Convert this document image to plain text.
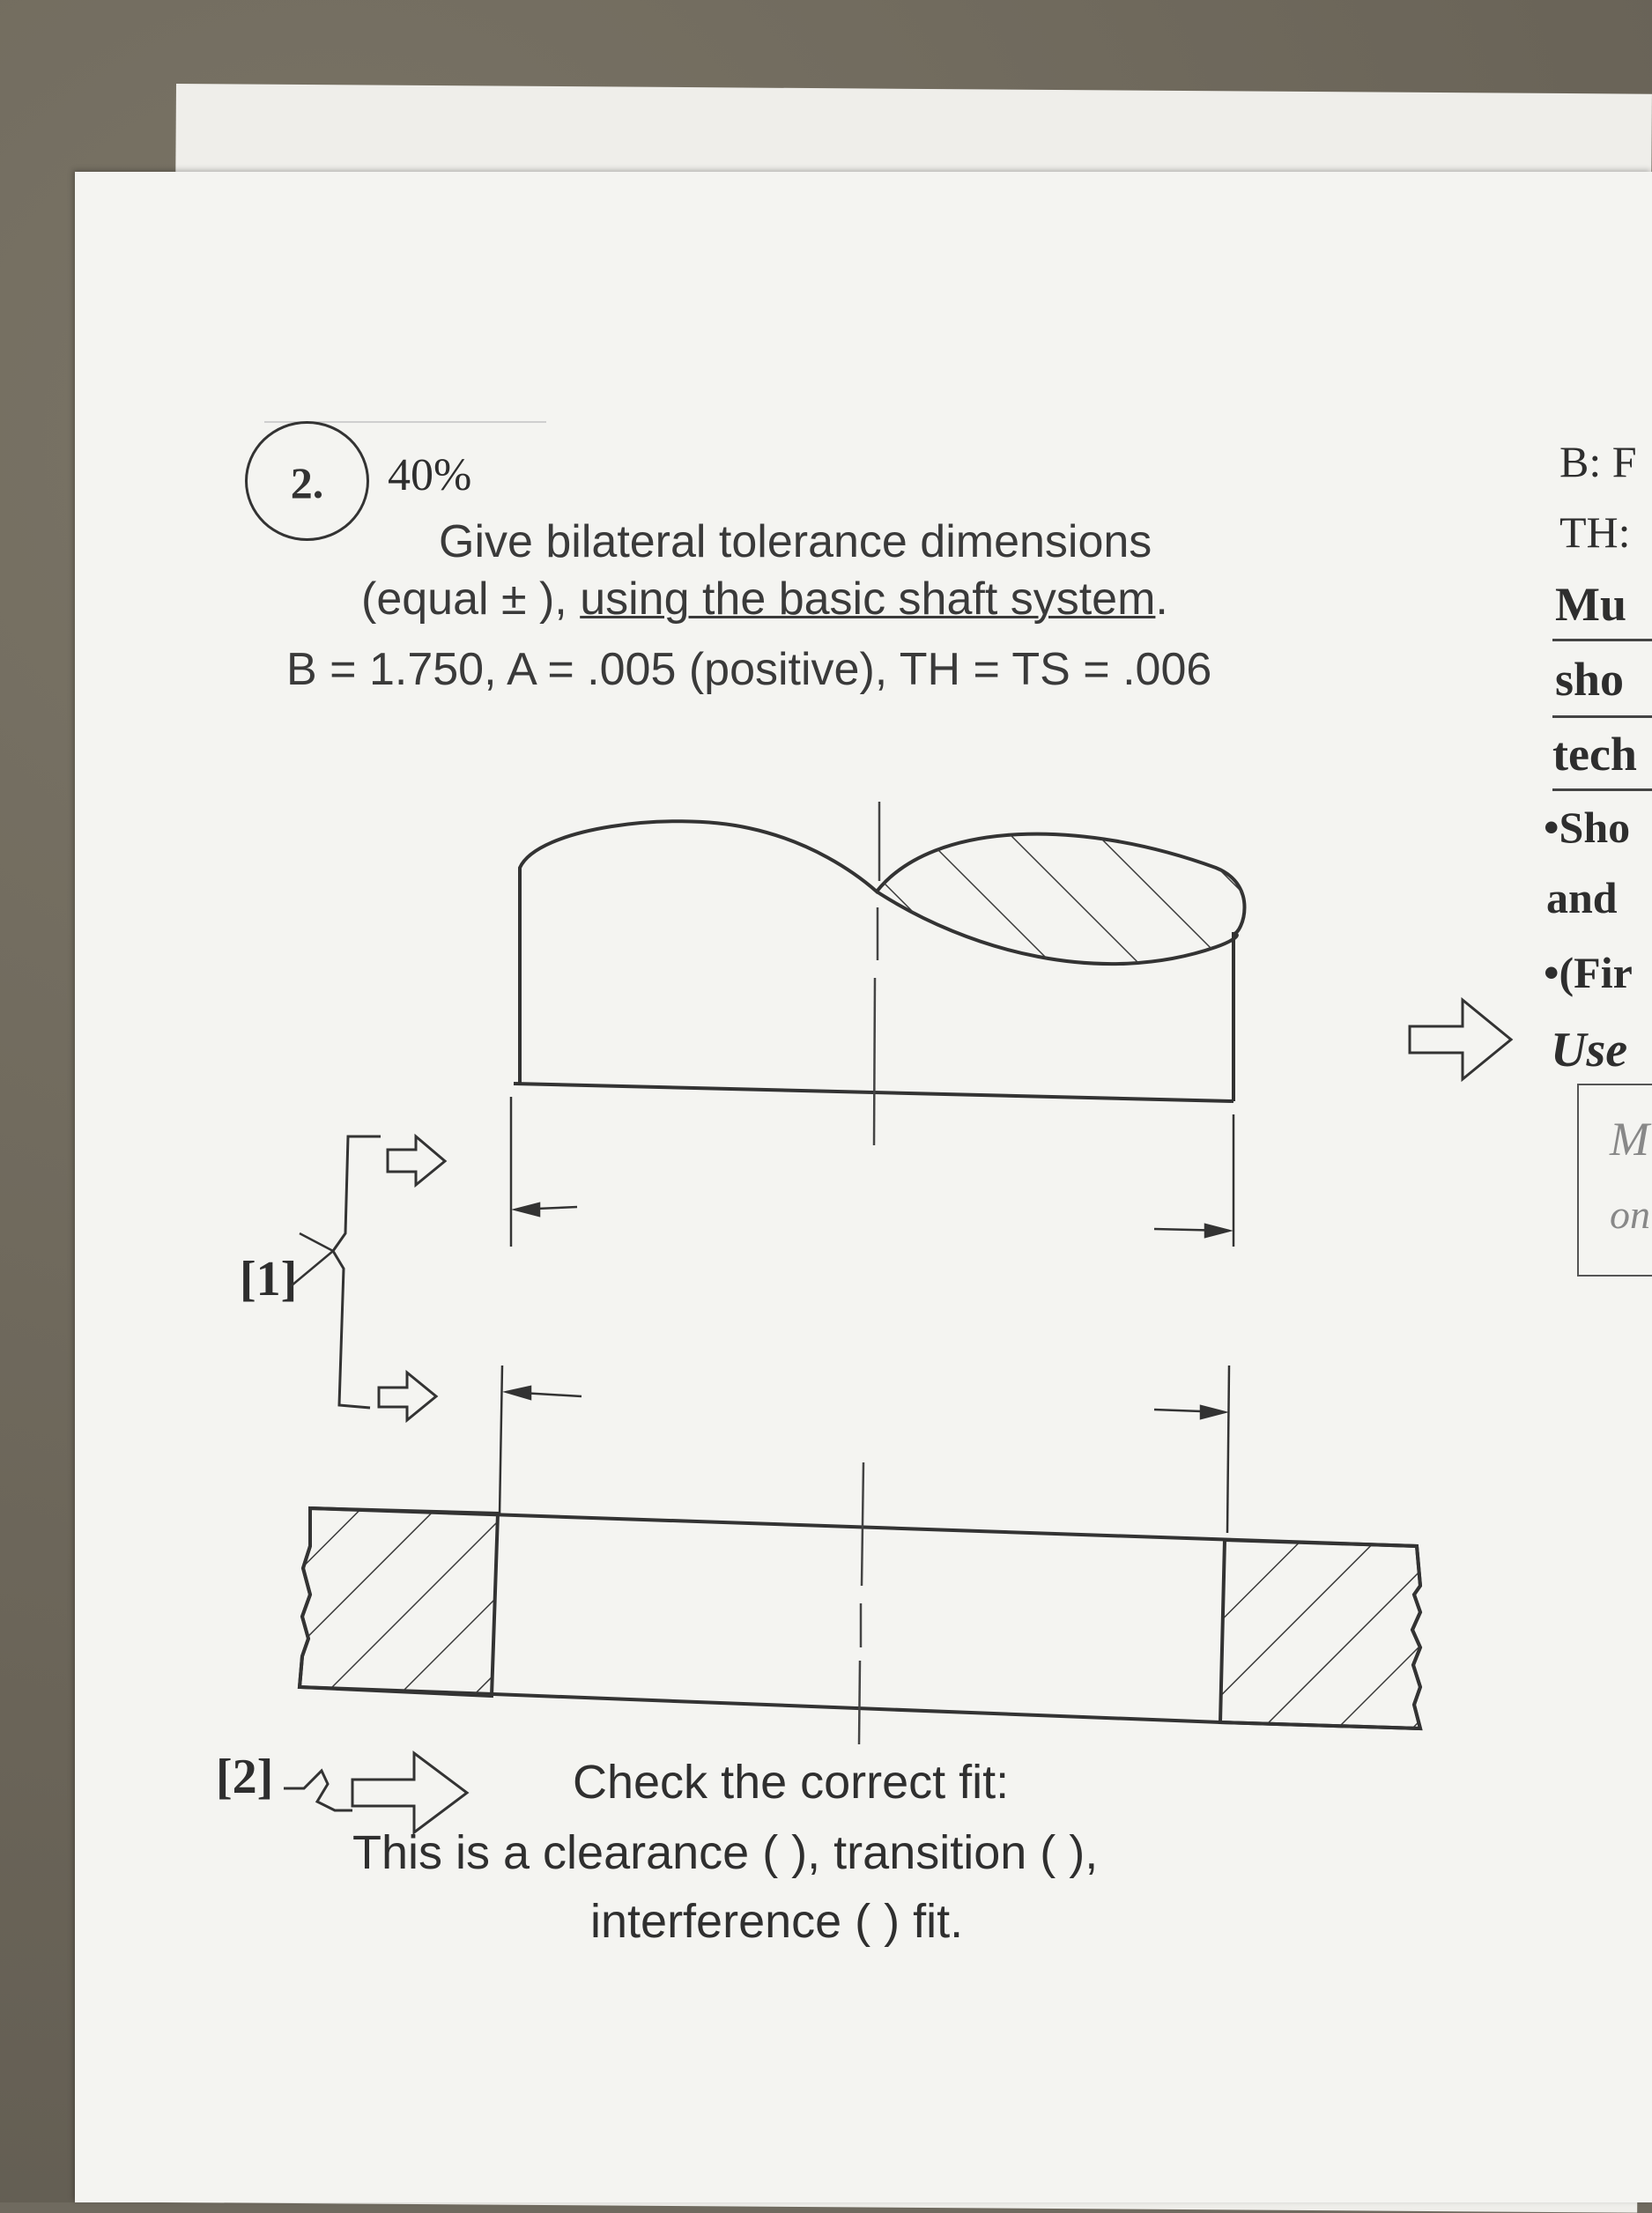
2.	40%
Give bilateral tolerance dimensions
(equal ± ), using the basic shaft system.
B = 1.750, A = .005 (positive), TH = TS = .006
B: F
TH:
Mu
sho
tech
•Sho
and
•(Fir
Use
M
on
[1]
[2]	Check the correct fit:
This is a clearance ( ), transition ( ),
interference ( ) fit.
